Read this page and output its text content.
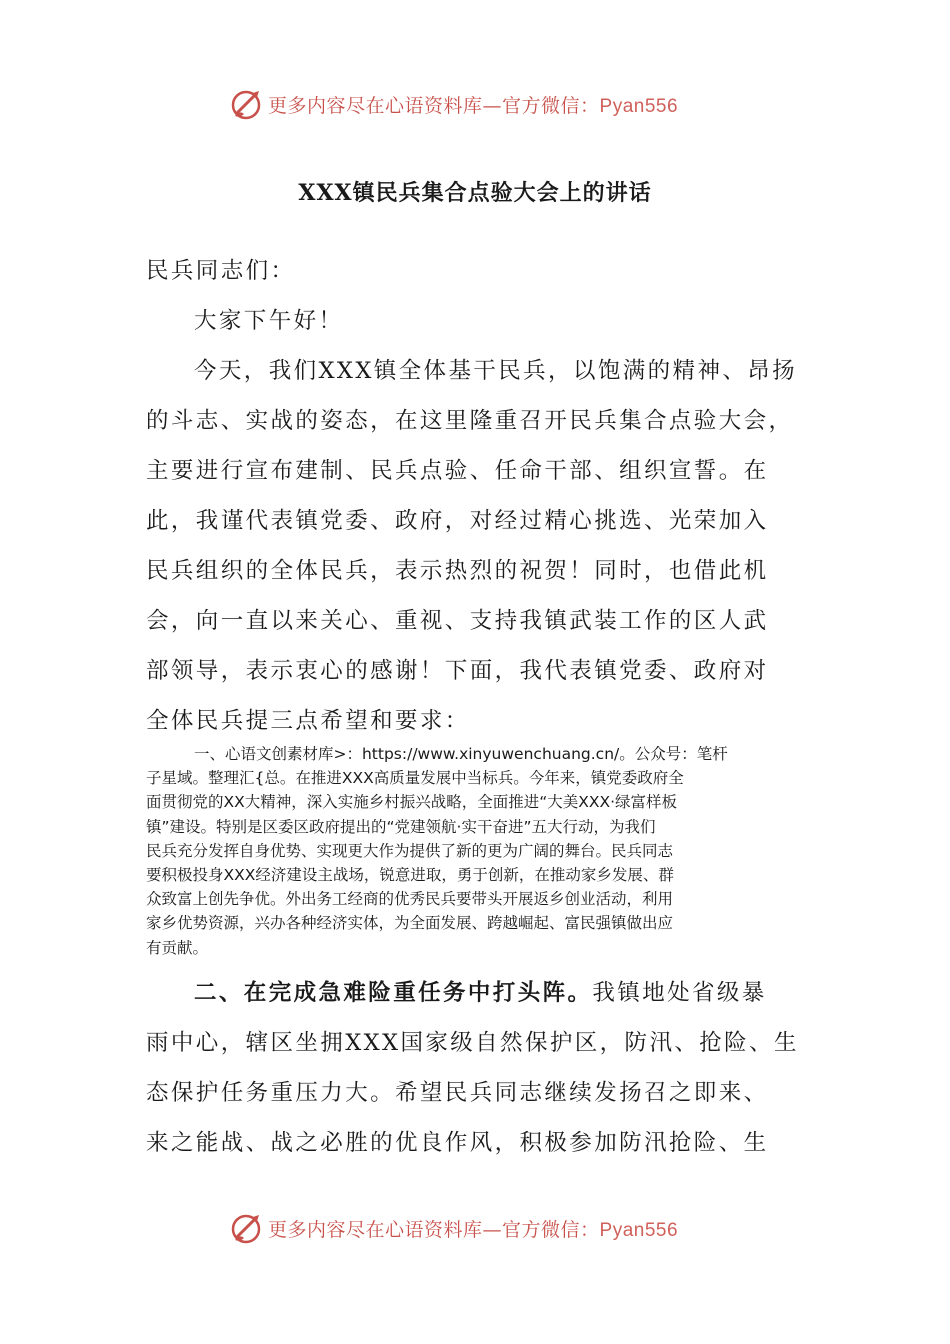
更多内容尽在心语资料库—官方微信：Pyan556
XXX镇民兵集合点验大会上的讲话
民兵同志们：
大家下午好！
今天，我们XXX镇全体基干民兵，以饱满的精神、昂扬
的斗志、实战的姿态，在这里隆重召开民兵集合点验大会，
主要进行宣布建制、民兵点验、任命干部、组织宣誓。在
此，我谨代表镇党委、政府，对经过精心挑选、光荣加入
民兵组织的全体民兵，表示热烈的祝贺！同时，也借此机
会，向一直以来关心、重视、支持我镇武装工作的区人武
部领导，表示衷心的感谢！下面，我代表镇党委、政府对
全体民兵提三点希望和要求：
一、心语文创素材库>：https://www.xinyuwenchuang.cn/。公众号：笔杆
子星域。整理汇{总。在推进XXX高质量发展中当标兵。今年来，镇党委政府全
面贯彻党的XX大精神，深入实施乡村振兴战略，全面推进“大美XXX·绿富样板
镇”建设。特别是区委区政府提出的“党建领航·实干奋进”五大行动，为我们
民兵充分发挥自身优势、实现更大作为提供了新的更为广阔的舞台。民兵同志
要积极投身XXX经济建设主战场，锐意进取，勇于创新，在推动家乡发展、群
众致富上创先争优。外出务工经商的优秀民兵要带头开展返乡创业活动，利用
家乡优势资源，兴办各种经济实体，为全面发展、跨越崛起、富民强镇做出应
有贡献。
二、在完成急难险重任务中打头阵。我镇地处省级暴
雨中心，辖区坐拥XXX国家级自然保护区，防汛、抢险、生
态保护任务重压力大。希望民兵同志继续发扬召之即来、
来之能战、战之必胜的优良作风，积极参加防汛抢险、生
更多内容尽在心语资料库—官方微信：Pyan556
